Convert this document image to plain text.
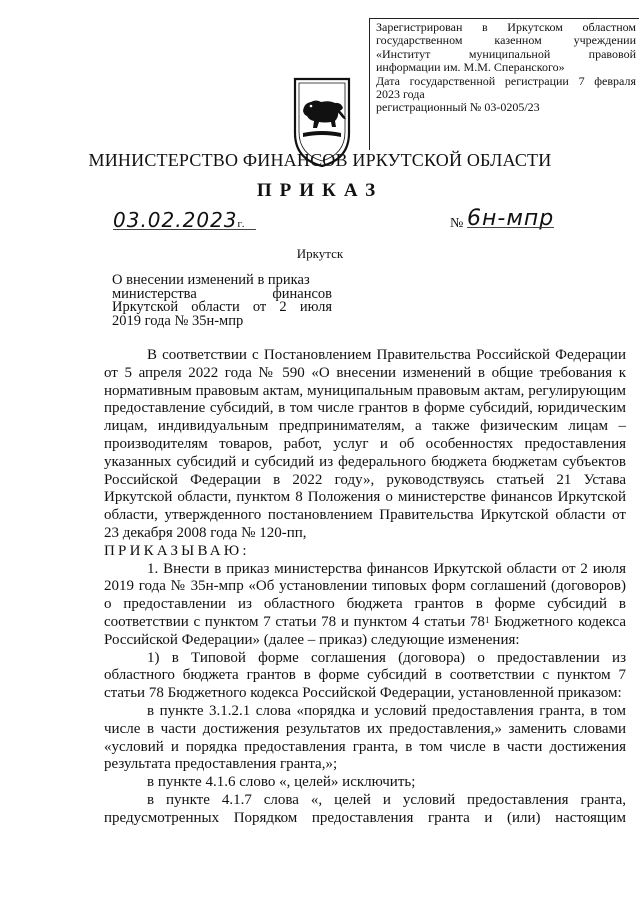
Зарегистрирован в Иркутском областном
государственном казенном учреждении
«Институт муниципальной правовой
информации им. М.М. Сперанского»
Дата государственной регистрации 7 февраля
2023 года
регистрационный № 03-0205/23
МИНИСТЕРСТВО ФИНАНСОВ ИРКУТСКОЙ ОБЛАСТИ
ПРИКАЗ
03.02.2023г.	№ 6н-мпр
Иркутск
О внесении изменений в приказ
министерства финансов
Иркутской области от 2 июля
2019 года № 35н-мпр

В соответствии с Постановлением Правительства Российской Федерации от 5 апреля 2022 года № 590 «О внесении изменений в общие требования к нормативным правовым актам, муниципальным правовым актам, регулирующим предоставление субсидий, в том числе грантов в форме субсидий, юридическим лицам, индивидуальным предпринимателям, а также физическим лицам – производителям товаров, работ, услуг и об особенностях предоставления указанных субсидий и субсидий из федерального бюджета бюджетам субъектов Российской Федерации в 2022 году», руководствуясь статьей 21 Устава Иркутской области, пунктом 8 Положения о министерстве финансов Иркутской области, утвержденного постановлением Правительства Иркутской области от 23 декабря 2008 года № 120-пп,

ПРИКАЗЫВАЮ:

1. Внести в приказ министерства финансов Иркутской области от 2 июля 2019 года № 35н-мпр «Об установлении типовых форм соглашений (договоров) о предоставлении из областного бюджета грантов в форме субсидий в соответствии с пунктом 7 статьи 78 и пунктом 4 статьи $78^1$ Бюджетного кодекса Российской Федерации» (далее – приказ) следующие изменения:

1) в Типовой форме соглашения (договора) о предоставлении из областного бюджета грантов в форме субсидий в соответствии с пунктом 7 статьи 78 Бюджетного кодекса Российской Федерации, установленной приказом:

в пункте 3.1.2.1 слова «порядка и условий предоставления гранта, в том числе в части достижения результатов их предоставления,» заменить словами «условий и порядка предоставления гранта, в том числе в части достижения результата предоставления гранта,»;

в пункте 4.1.6 слово «, целей» исключить;

в пункте 4.1.7 слова «, целей и условий предоставления гранта, предусмотренных Порядком предоставления гранта и (или) настоящим
